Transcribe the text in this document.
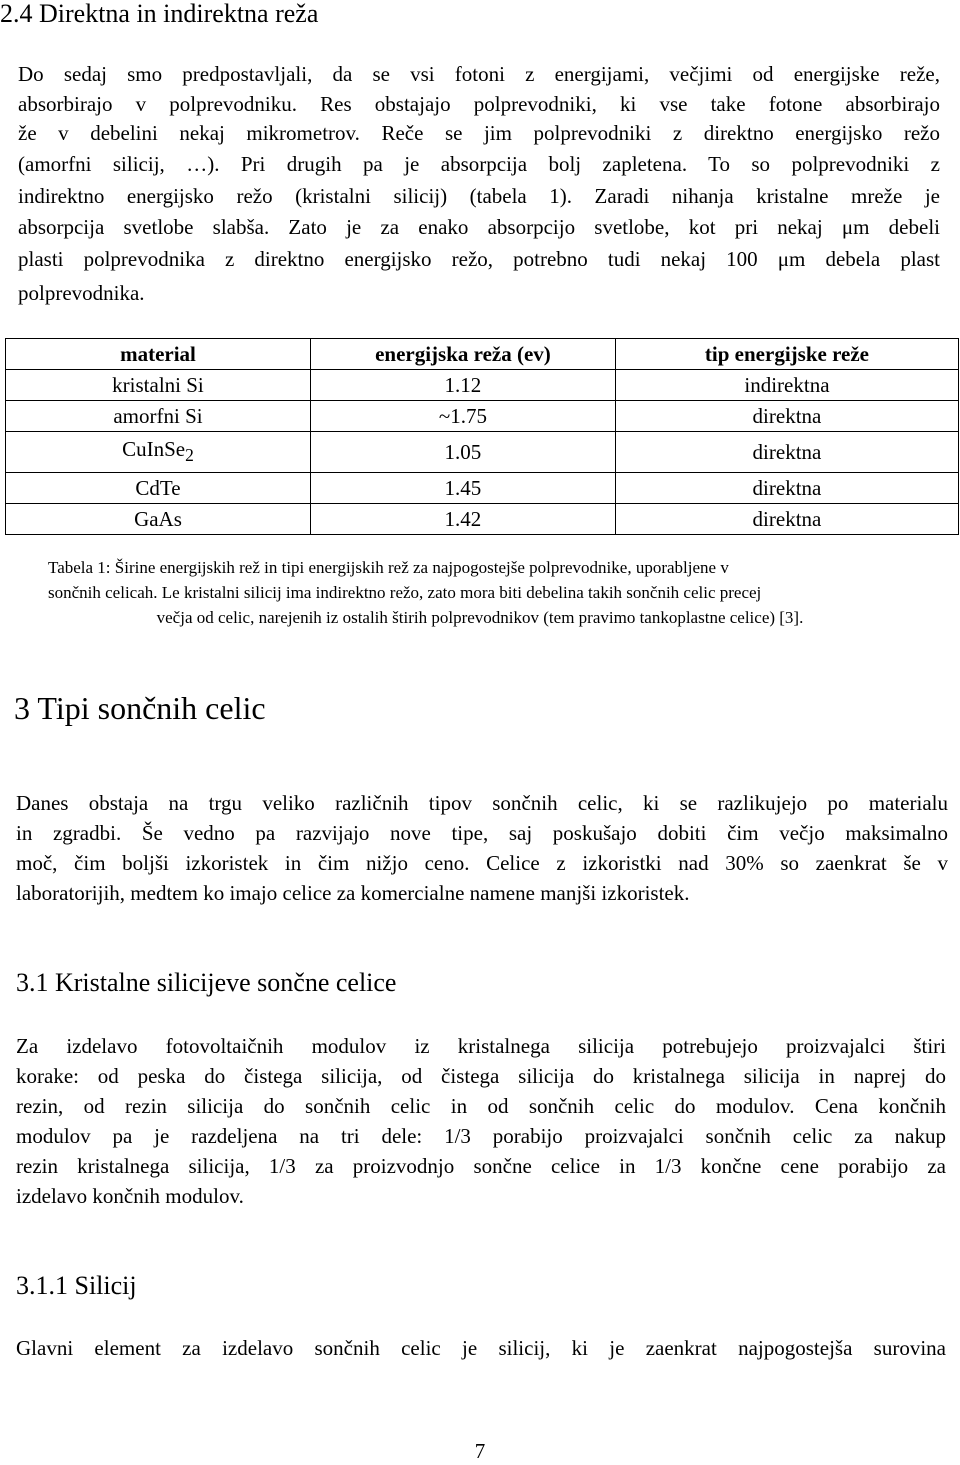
2.4 Direktna in indirektna reža
Do sedaj smo predpostavljali, da se vsi fotoni z energijami, večjimi od energijske reže,
absorbirajo v polprevodniku. Res obstajajo polprevodniki, ki vse take fotone absorbirajo
že v debelini nekaj mikrometrov. Reče se jim polprevodniki z direktno energijsko režo
(amorfni silicij, …). Pri drugih pa je absorpcija bolj zapletena. To so polprevodniki z
indirektno energijsko režo (kristalni silicij) (tabela 1). Zaradi nihanja kristalne mreže je
absorpcija svetlobe slabša. Zato je za enako absorpcijo svetlobe, kot pri nekaj μm debeli
plasti polprevodnika z direktno energijsko režo, potrebno tudi nekaj 100 μm debela plast
polprevodnika.
material	energijska reža (ev)	tip energijske reže
kristalni Si	1.12	indirektna
amorfni Si	~1.75	direktna
CuInSe$_2$	1.05	direktna
CdTe	1.45	direktna
GaAs	1.42	direktna
Tabela 1: Širine energijskih rež in tipi energijskih rež za najpogostejše polprevodnike, uporabljene v
sončnih celicah. Le kristalni silicij ima indirektno režo, zato mora biti debelina takih sončnih celic precej
večja od celic, narejenih iz ostalih štirih polprevodnikov (tem pravimo tankoplastne celice) [3].
3 Tipi sončnih celic
Danes obstaja na trgu veliko različnih tipov sončnih celic, ki se razlikujejo po materialu
in zgradbi. Še vedno pa razvijajo nove tipe, saj poskušajo dobiti čim večjo maksimalno
moč, čim boljši izkoristek in čim nižjo ceno. Celice z izkoristki nad 30% so zaenkrat še v
laboratorijih, medtem ko imajo celice za komercialne namene manjši izkoristek.
3.1 Kristalne silicijeve sončne celice
Za izdelavo fotovoltaičnih modulov iz kristalnega silicija potrebujejo proizvajalci štiri
korake: od peska do čistega silicija, od čistega silicija do kristalnega silicija in naprej do
rezin, od rezin silicija do sončnih celic in od sončnih celic do modulov. Cena končnih
modulov pa je razdeljena na tri dele: 1/3 porabijo proizvajalci sončnih celic za nakup
rezin kristalnega silicija, 1/3 za proizvodnjo sončne celice in 1/3 končne cene porabijo za
izdelavo končnih modulov.
3.1.1 Silicij
Glavni element za izdelavo sončnih celic je silicij, ki je zaenkrat najpogostejša surovina
7
